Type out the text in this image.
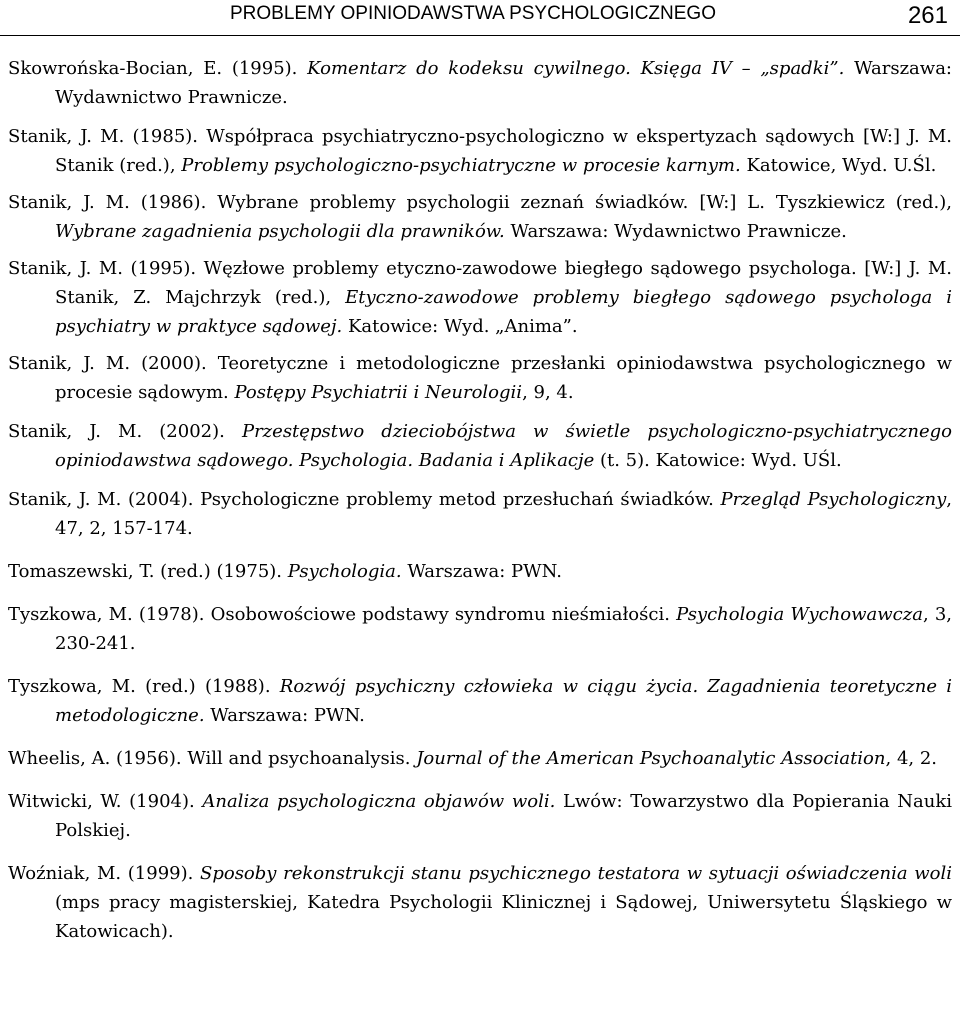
PROBLEMY OPINIODAWSTWA PSYCHOLOGICZNEGO	261

Skowrońska-Bocian, E. (1995). Komentarz do kodeksu cywilnego. Księga IV – „spadki”. Warszawa: Wydawnictwo Prawnicze.

Stanik, J. M. (1985). Współpraca psychiatryczno-psychologiczno w ekspertyzach sądowych [W:] J. M. Stanik (red.), Problemy psychologiczno-psychiatryczne w procesie karnym. Katowice, Wyd. U.Śl.

Stanik, J. M. (1986). Wybrane problemy psychologii zeznań świadków. [W:] L. Tyszkiewicz (red.), Wybrane zagadnienia psychologii dla prawników. Warszawa: Wydawnictwo Prawnicze.

Stanik, J. M. (1995). Węzłowe problemy etyczno-zawodowe biegłego sądowego psychologa. [W:] J. M. Stanik, Z. Majchrzyk (red.), Etyczno-zawodowe problemy biegłego sądowego psychologa i psychiatry w praktyce sądowej. Katowice: Wyd. „Anima”.

Stanik, J. M. (2000). Teoretyczne i metodologiczne przesłanki opiniodawstwa psychologicznego w procesie sądowym. Postępy Psychiatrii i Neurologii, 9, 4.

Stanik, J. M. (2002). Przestępstwo dzieciobójstwa w świetle psychologiczno-psychiatrycznego opiniodawstwa sądowego. Psychologia. Badania i Aplikacje (t. 5). Katowice: Wyd. UŚl.

Stanik, J. M. (2004). Psychologiczne problemy metod przesłuchań świadków. Przegląd Psychologiczny, 47, 2, 157-174.

Tomaszewski, T. (red.) (1975). Psychologia. Warszawa: PWN.

Tyszkowa, M. (1978). Osobowościowe podstawy syndromu nieśmiałości. Psychologia Wychowawcza, 3, 230-241.

Tyszkowa, M. (red.) (1988). Rozwój psychiczny człowieka w ciągu życia. Zagadnienia teoretyczne i metodologiczne. Warszawa: PWN.

Wheelis, A. (1956). Will and psychoanalysis. Journal of the American Psychoanalytic Association, 4, 2.

Witwicki, W. (1904). Analiza psychologiczna objawów woli. Lwów: Towarzystwo dla Popierania Nauki Polskiej.

Woźniak, M. (1999). Sposoby rekonstrukcji stanu psychicznego testatora w sytuacji oświadczenia woli (mps pracy magisterskiej, Katedra Psychologii Klinicznej i Sądowej, Uniwersytetu Śląskiego w Katowicach).
